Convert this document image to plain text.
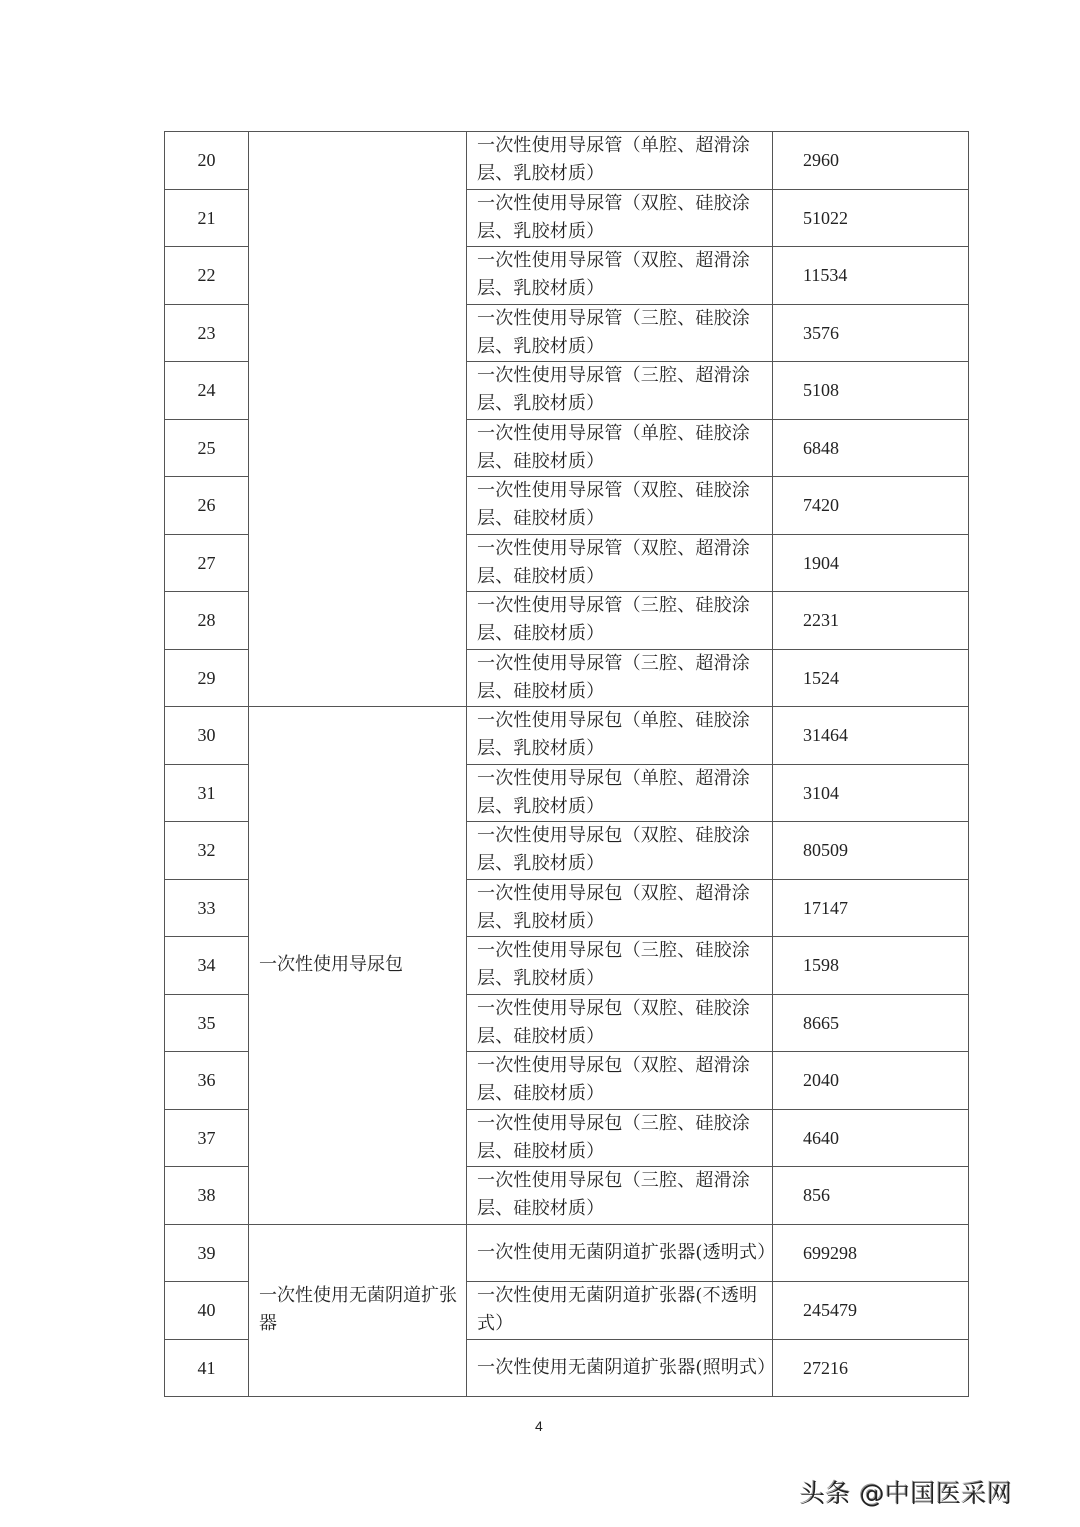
20		一次性使用导尿管（单腔、超滑涂层、乳胶材质）	2960
21		一次性使用导尿管（双腔、硅胶涂层、乳胶材质）	51022
22		一次性使用导尿管（双腔、超滑涂层、乳胶材质）	11534
23		一次性使用导尿管（三腔、硅胶涂层、乳胶材质）	3576
24		一次性使用导尿管（三腔、超滑涂层、乳胶材质）	5108
25		一次性使用导尿管（单腔、硅胶涂层、硅胶材质）	6848
26		一次性使用导尿管（双腔、硅胶涂层、硅胶材质）	7420
27		一次性使用导尿管（双腔、超滑涂层、硅胶材质）	1904
28		一次性使用导尿管（三腔、硅胶涂层、硅胶材质）	2231
29		一次性使用导尿管（三腔、超滑涂层、硅胶材质）	1524
30	一次性使用导尿包	一次性使用导尿包（单腔、硅胶涂层、乳胶材质）	31464
31		一次性使用导尿包（单腔、超滑涂层、乳胶材质）	3104
32		一次性使用导尿包（双腔、硅胶涂层、乳胶材质）	80509
33		一次性使用导尿包（双腔、超滑涂层、乳胶材质）	17147
34		一次性使用导尿包（三腔、硅胶涂层、乳胶材质）	1598
35		一次性使用导尿包（双腔、硅胶涂层、硅胶材质）	8665
36		一次性使用导尿包（双腔、超滑涂层、硅胶材质）	2040
37		一次性使用导尿包（三腔、硅胶涂层、硅胶材质）	4640
38		一次性使用导尿包（三腔、超滑涂层、硅胶材质）	856
39	一次性使用无菌阴道扩张器	一次性使用无菌阴道扩张器(透明式）	699298
40		一次性使用无菌阴道扩张器(不透明式）	245479
41		一次性使用无菌阴道扩张器(照明式）	27216
4
头条 @中国医采网
